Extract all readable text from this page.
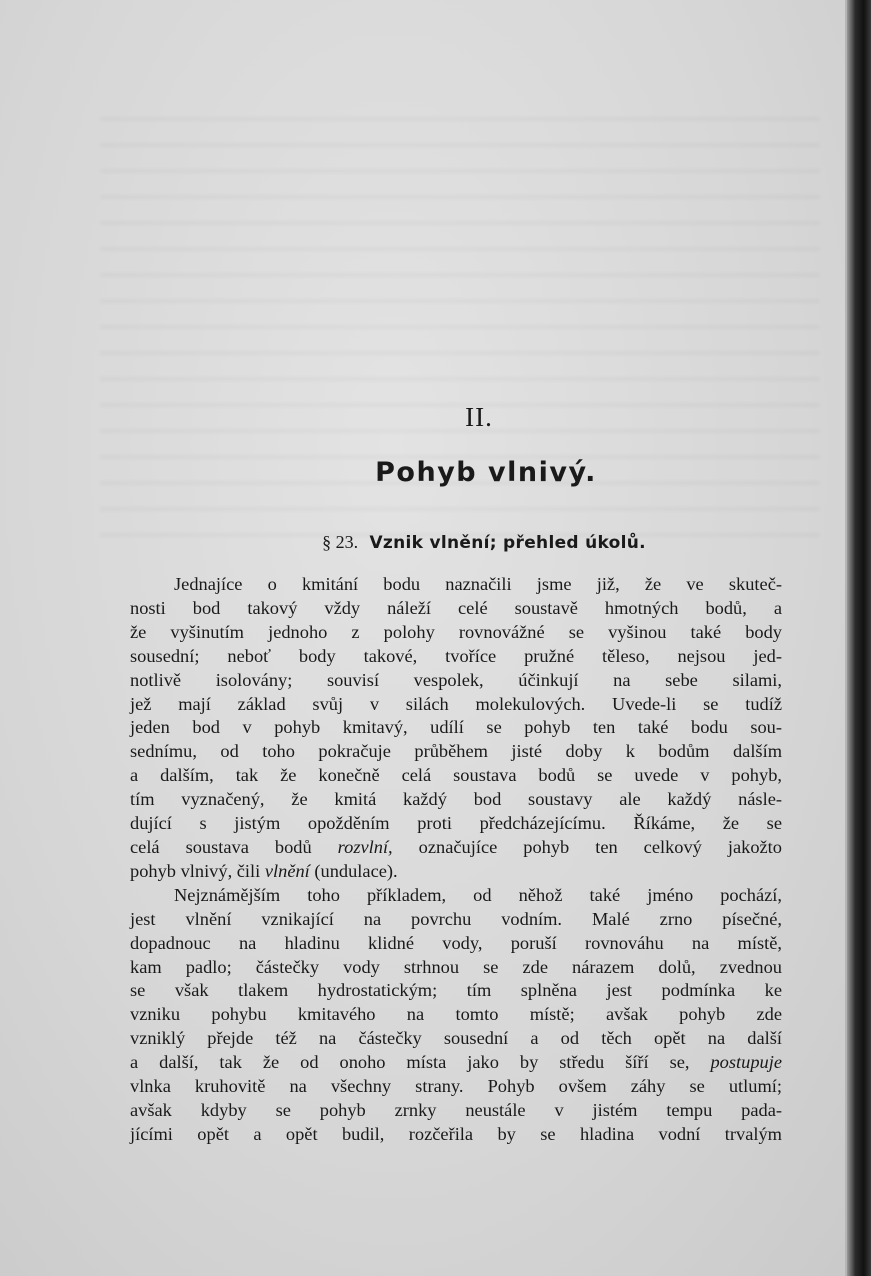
II.
Pohyb vlnivý.
§ 23. Vznik vlnění; přehled úkolů.

Jednajíce o kmitání bodu naznačili jsme již, že ve skuteč-
nosti bod takový vždy náleží celé soustavě hmotných bodů, a
že vyšinutím jednoho z polohy rovnovážné se vyšinou také body
sousední; neboť body takové, tvoříce pružné těleso, nejsou jed-
notlivě isolovány; souvisí vespolek, účinkují na sebe silami,
jež mají základ svůj v silách molekulových. Uvede-li se tudíž
jeden bod v pohyb kmitavý, udílí se pohyb ten také bodu sou-
sednímu, od toho pokračuje průběhem jisté doby k bodům dalším
a dalším, tak že konečně celá soustava bodů se uvede v pohyb,
tím vyznačený, že kmitá každý bod soustavy ale každý násle-
dující s jistým opožděním proti předcházejícímu. Říkáme, že se
celá soustava bodů rozvlní, označujíce pohyb ten celkový jakožto
pohyb vlnivý, čili vlnění (undulace).

Nejznámějším toho příkladem, od něhož také jméno pochází,
jest vlnění vznikající na povrchu vodním. Malé zrno písečné,
dopadnouc na hladinu klidné vody, poruší rovnováhu na místě,
kam padlo; částečky vody strhnou se zde nárazem dolů, zvednou
se však tlakem hydrostatickým; tím splněna jest podmínka ke
vzniku pohybu kmitavého na tomto místě; avšak pohyb zde
vzniklý přejde též na částečky sousední a od těch opět na další
a další, tak že od onoho místa jako by středu šíří se, postupuje
vlnka kruhovitě na všechny strany. Pohyb ovšem záhy se utlumí;
avšak kdyby se pohyb zrnky neustále v jistém tempu pada-
jícími opět a opět budil, rozčeřila by se hladina vodní trvalým
